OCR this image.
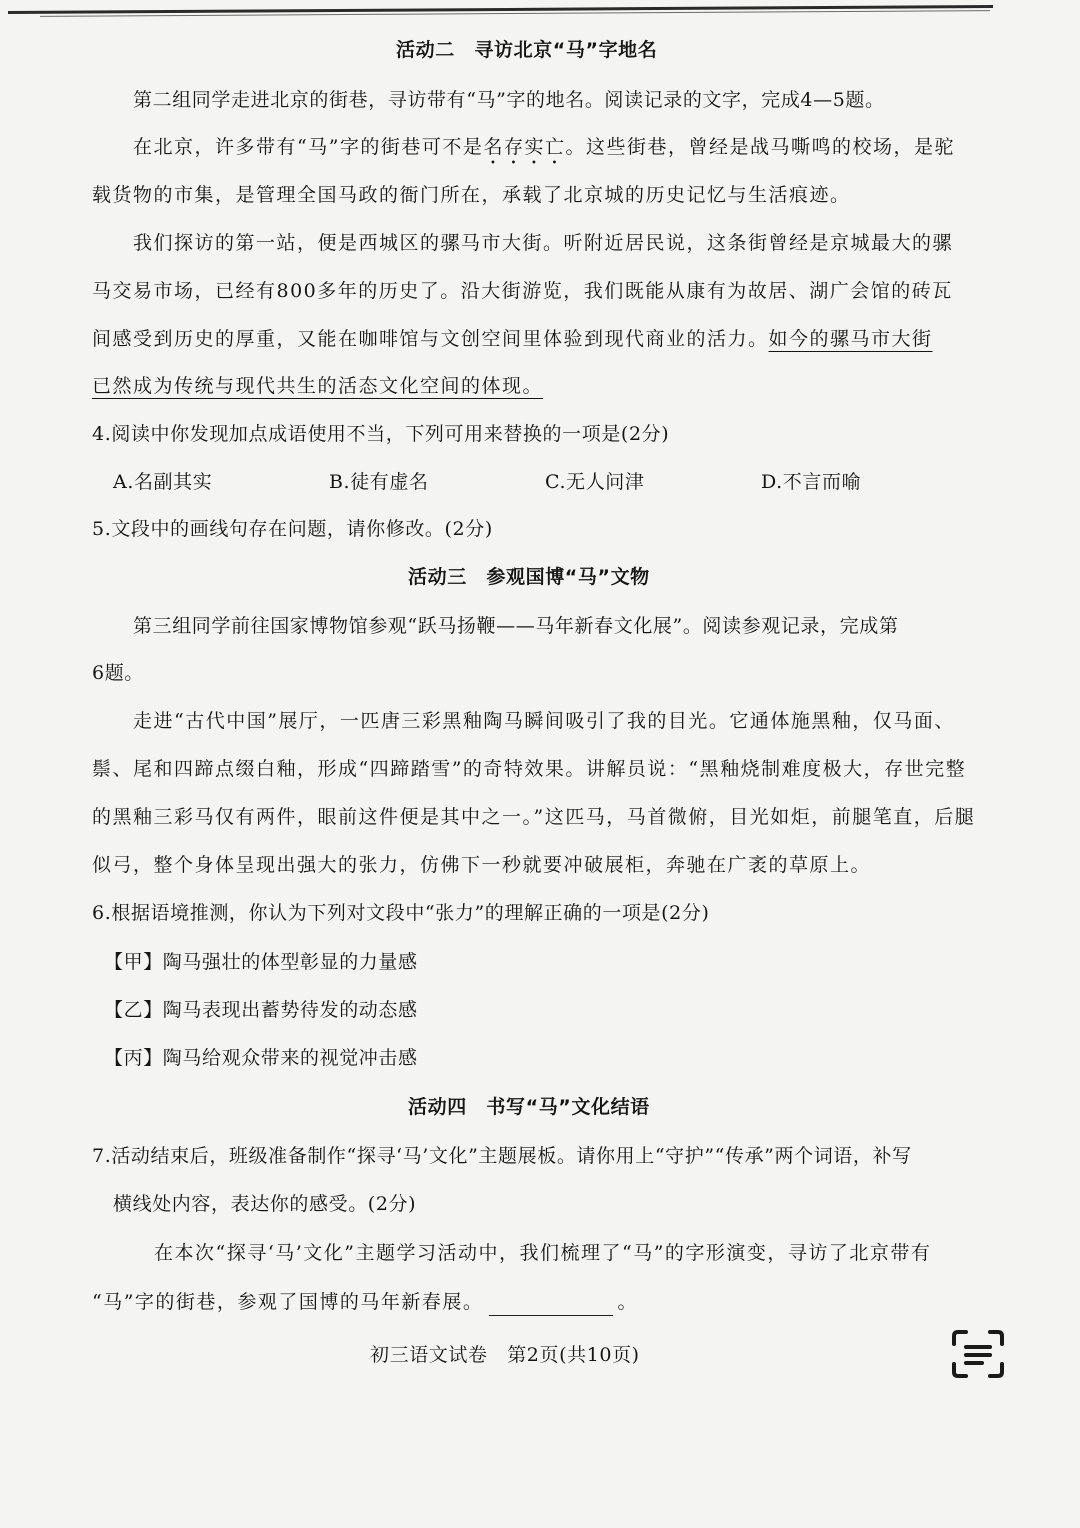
活动二　寻访北京“马”字地名
第二组同学走进北京的街巷，寻访带有“马”字的地名。阅读记录的文字，完成4—5题。
在北京，许多带有“马”字的街巷可不是名存实亡。这些街巷，曾经是战马嘶鸣的校场，是驼
载货物的市集，是管理全国马政的衙门所在，承载了北京城的历史记忆与生活痕迹。
我们探访的第一站，便是西城区的骡马市大街。听附近居民说，这条街曾经是京城最大的骡
马交易市场，已经有800多年的历史了。沿大街游览，我们既能从康有为故居、湖广会馆的砖瓦
间感受到历史的厚重，又能在咖啡馆与文创空间里体验到现代商业的活力。如今的骡马市大街
已然成为传统与现代共生的活态文化空间的体现。
4.阅读中你发现加点成语使用不当，下列可用来替换的一项是(2分)
A.名副其实	B.徒有虚名	C.无人问津	D.不言而喻
5.文段中的画线句存在问题，请你修改。(2分)
活动三　参观国博“马”文物
第三组同学前往国家博物馆参观“跃马扬鞭——马年新春文化展”。阅读参观记录，完成第
6题。
走进“古代中国”展厅，一匹唐三彩黑釉陶马瞬间吸引了我的目光。它通体施黑釉，仅马面、
鬃、尾和四蹄点缀白釉，形成“四蹄踏雪”的奇特效果。讲解员说：“黑釉烧制难度极大，存世完整
的黑釉三彩马仅有两件，眼前这件便是其中之一。”这匹马，马首微俯，目光如炬，前腿笔直，后腿
似弓，整个身体呈现出强大的张力，仿佛下一秒就要冲破展柜，奔驰在广袤的草原上。
6.根据语境推测，你认为下列对文段中“张力”的理解正确的一项是(2分)
【甲】陶马强壮的体型彰显的力量感
【乙】陶马表现出蓄势待发的动态感
【丙】陶马给观众带来的视觉冲击感
活动四　书写“马”文化结语
7.活动结束后，班级准备制作“探寻‘马’文化”主题展板。请你用上“守护”“传承”两个词语，补写
横线处内容，表达你的感受。(2分)
在本次“探寻‘马’文化”主题学习活动中，我们梳理了“马”的字形演变，寻访了北京带有
“马”字的街巷，参观了国博的马年新春展。	。
初三语文试卷　第2页(共10页)
